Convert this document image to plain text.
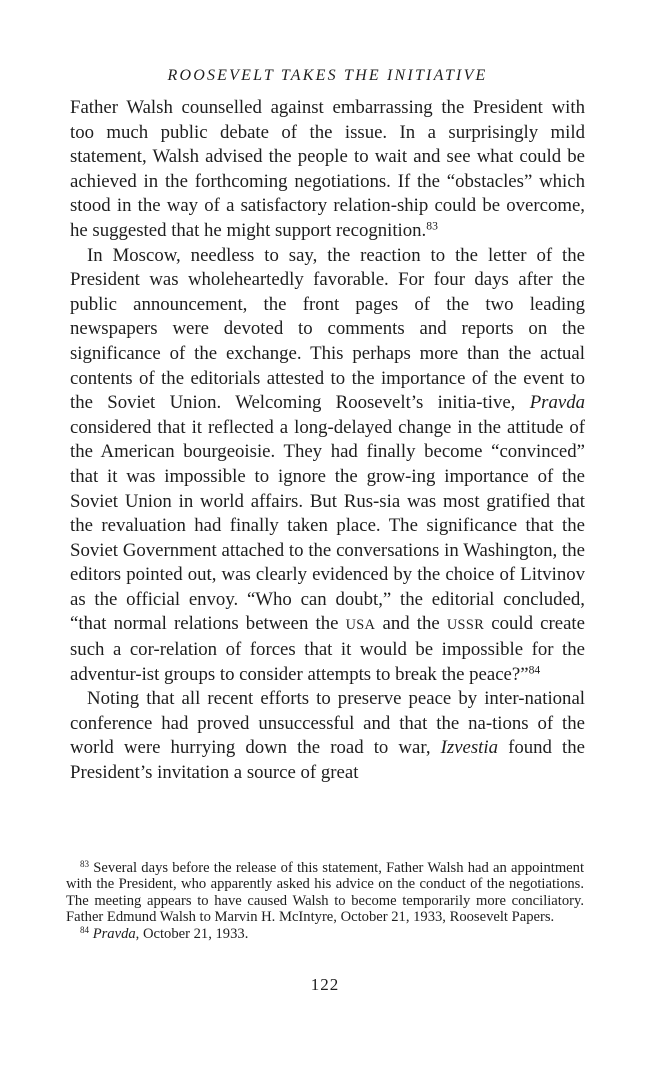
ROOSEVELT TAKES THE INITIATIVE

Father Walsh counselled against embarrassing the President with too much public debate of the issue. In a surprisingly mild statement, Walsh advised the people to wait and see what could be achieved in the forthcoming negotiations. If the “obstacles” which stood in the way of a satisfactory relation-ship could be overcome, he suggested that he might support recognition.$^{83}$

In Moscow, needless to say, the reaction to the letter of the President was wholeheartedly favorable. For four days after the public announcement, the front pages of the two leading newspapers were devoted to comments and reports on the significance of the exchange. This perhaps more than the actual contents of the editorials attested to the importance of the event to the Soviet Union. Welcoming Roosevelt’s initia-tive, Pravda considered that it reflected a long-delayed change in the attitude of the American bourgeoisie. They had finally become “convinced” that it was impossible to ignore the grow-ing importance of the Soviet Union in world affairs. But Rus-sia was most gratified that the revaluation had finally taken place. The significance that the Soviet Government attached to the conversations in Washington, the editors pointed out, was clearly evidenced by the choice of Litvinov as the official envoy. “Who can doubt,” the editorial concluded, “that normal relations between the USA and the USSR could create such a cor-relation of forces that it would be impossible for the adventur-ist groups to consider attempts to break the peace?”$^{84}$

Noting that all recent efforts to preserve peace by inter-national conference had proved unsuccessful and that the na-tions of the world were hurrying down the road to war, Izvestia found the President’s invitation a source of great

$^{83}$ Several days before the release of this statement, Father Walsh had an appointment with the President, who apparently asked his advice on the conduct of the negotiations. The meeting appears to have caused Walsh to become temporarily more conciliatory. Father Edmund Walsh to Marvin H. McIntyre, October 21, 1933, Roosevelt Papers.

$^{84}$ Pravda, October 21, 1933.

122
